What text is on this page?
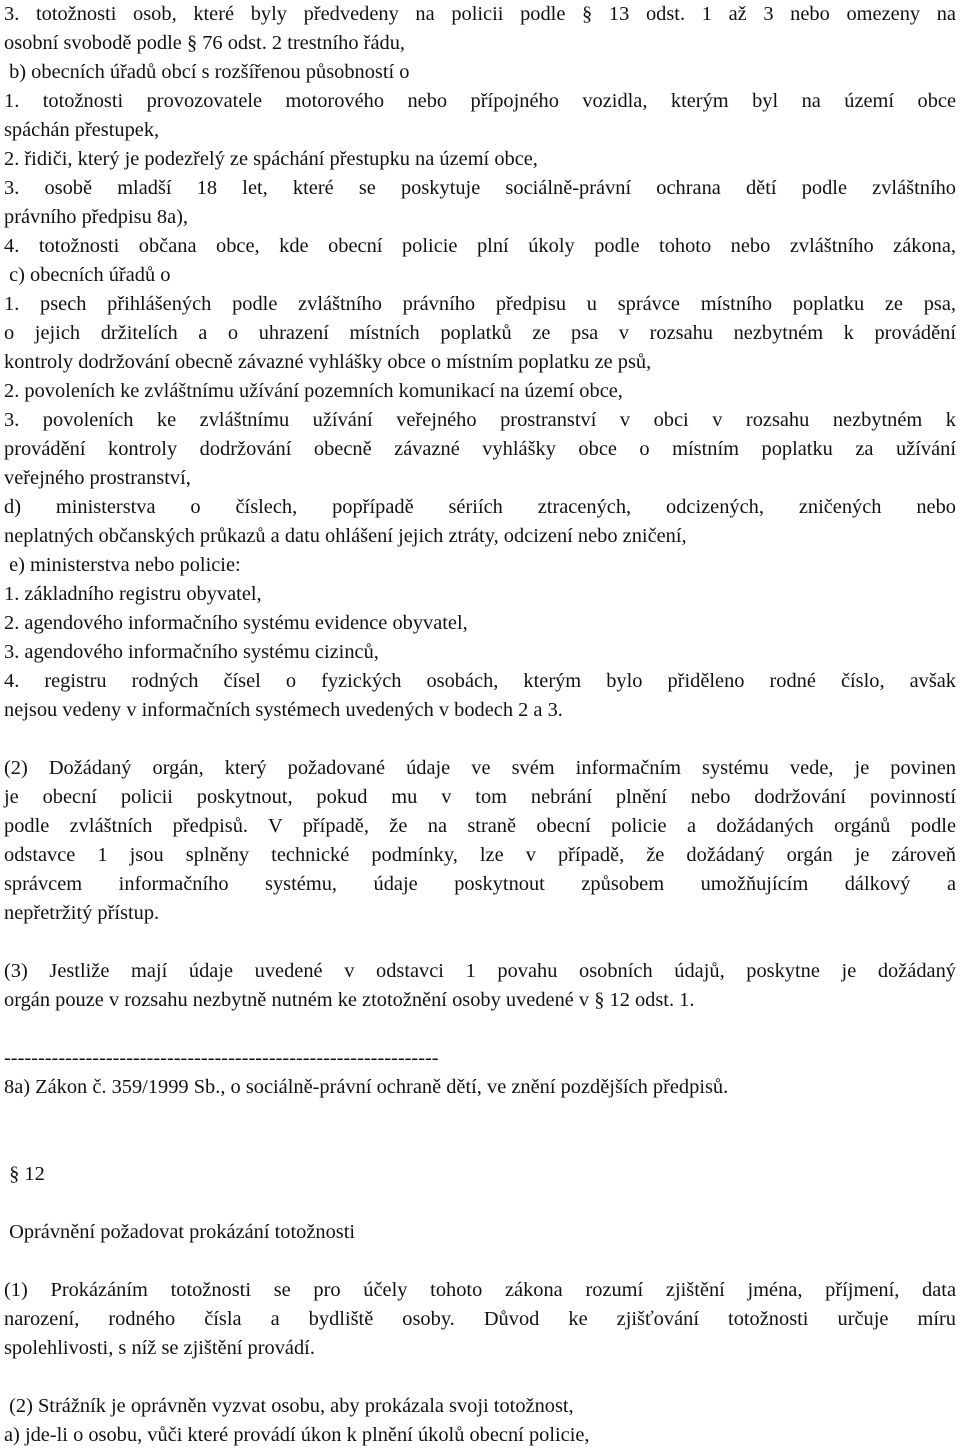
3. totožnosti osob, které byly předvedeny na policii podle § 13 odst. 1 až 3 nebo omezeny na
osobní svobodě podle § 76 odst. 2 trestního řádu,
b) obecních úřadů obcí s rozšířenou působností o
1. totožnosti provozovatele motorového nebo přípojného vozidla, kterým byl na území obce
spáchán přestupek,
2. řidiči, který je podezřelý ze spáchání přestupku na území obce,
3. osobě mladší 18 let, které se poskytuje sociálně-právní ochrana dětí podle zvláštního
právního předpisu 8a),
4. totožnosti občana obce, kde obecní policie plní úkoly podle tohoto nebo zvláštního zákona,
c) obecních úřadů o
1. psech přihlášených podle zvláštního právního předpisu u správce místního poplatku ze psa,
o jejich držitelích a o uhrazení místních poplatků ze psa v rozsahu nezbytném k provádění
kontroly dodržování obecně závazné vyhlášky obce o místním poplatku ze psů,
2. povoleních ke zvláštnímu užívání pozemních komunikací na území obce,
3. povoleních ke zvláštnímu užívání veřejného prostranství v obci v rozsahu nezbytném k
provádění kontroly dodržování obecně závazné vyhlášky obce o místním poplatku za užívání
veřejného prostranství,
d) ministerstva o číslech, popřípadě sériích ztracených, odcizených, zničených nebo
neplatných občanských průkazů a datu ohlášení jejich ztráty, odcizení nebo zničení,
e) ministerstva nebo policie:
1. základního registru obyvatel,
2. agendového informačního systému evidence obyvatel,
3. agendového informačního systému cizinců,
4. registru rodných čísel o fyzických osobách, kterým bylo přiděleno rodné číslo, avšak
nejsou vedeny v informačních systémech uvedených v bodech 2 a 3.

(2) Dožádaný orgán, který požadované údaje ve svém informačním systému vede, je povinen
je obecní policii poskytnout, pokud mu v tom nebrání plnění nebo dodržování povinností
podle zvláštních předpisů. V případě, že na straně obecní policie a dožádaných orgánů podle
odstavce 1 jsou splněny technické podmínky, lze v případě, že dožádaný orgán je zároveň
správcem informačního systému, údaje poskytnout způsobem umožňujícím dálkový a
nepřetržitý přístup.

(3) Jestliže mají údaje uvedené v odstavci 1 povahu osobních údajů, poskytne je dožádaný
orgán pouze v rozsahu nezbytně nutném ke ztotožnění osoby uvedené v § 12 odst. 1.

----------------------------------------------------------------
8a) Zákon č. 359/1999 Sb., o sociálně-právní ochraně dětí, ve znění pozdějších předpisů.

§ 12

Oprávnění požadovat prokázání totožnosti

(1) Prokázáním totožnosti se pro účely tohoto zákona rozumí zjištění jména, příjmení, data
narození, rodného čísla a bydliště osoby. Důvod ke zjišťování totožnosti určuje míru
spolehlivosti, s níž se zjištění provádí.

(2) Strážník je oprávněn vyzvat osobu, aby prokázala svoji totožnost,
a) jde-li o osobu, vůči které provádí úkon k plnění úkolů obecní policie,
